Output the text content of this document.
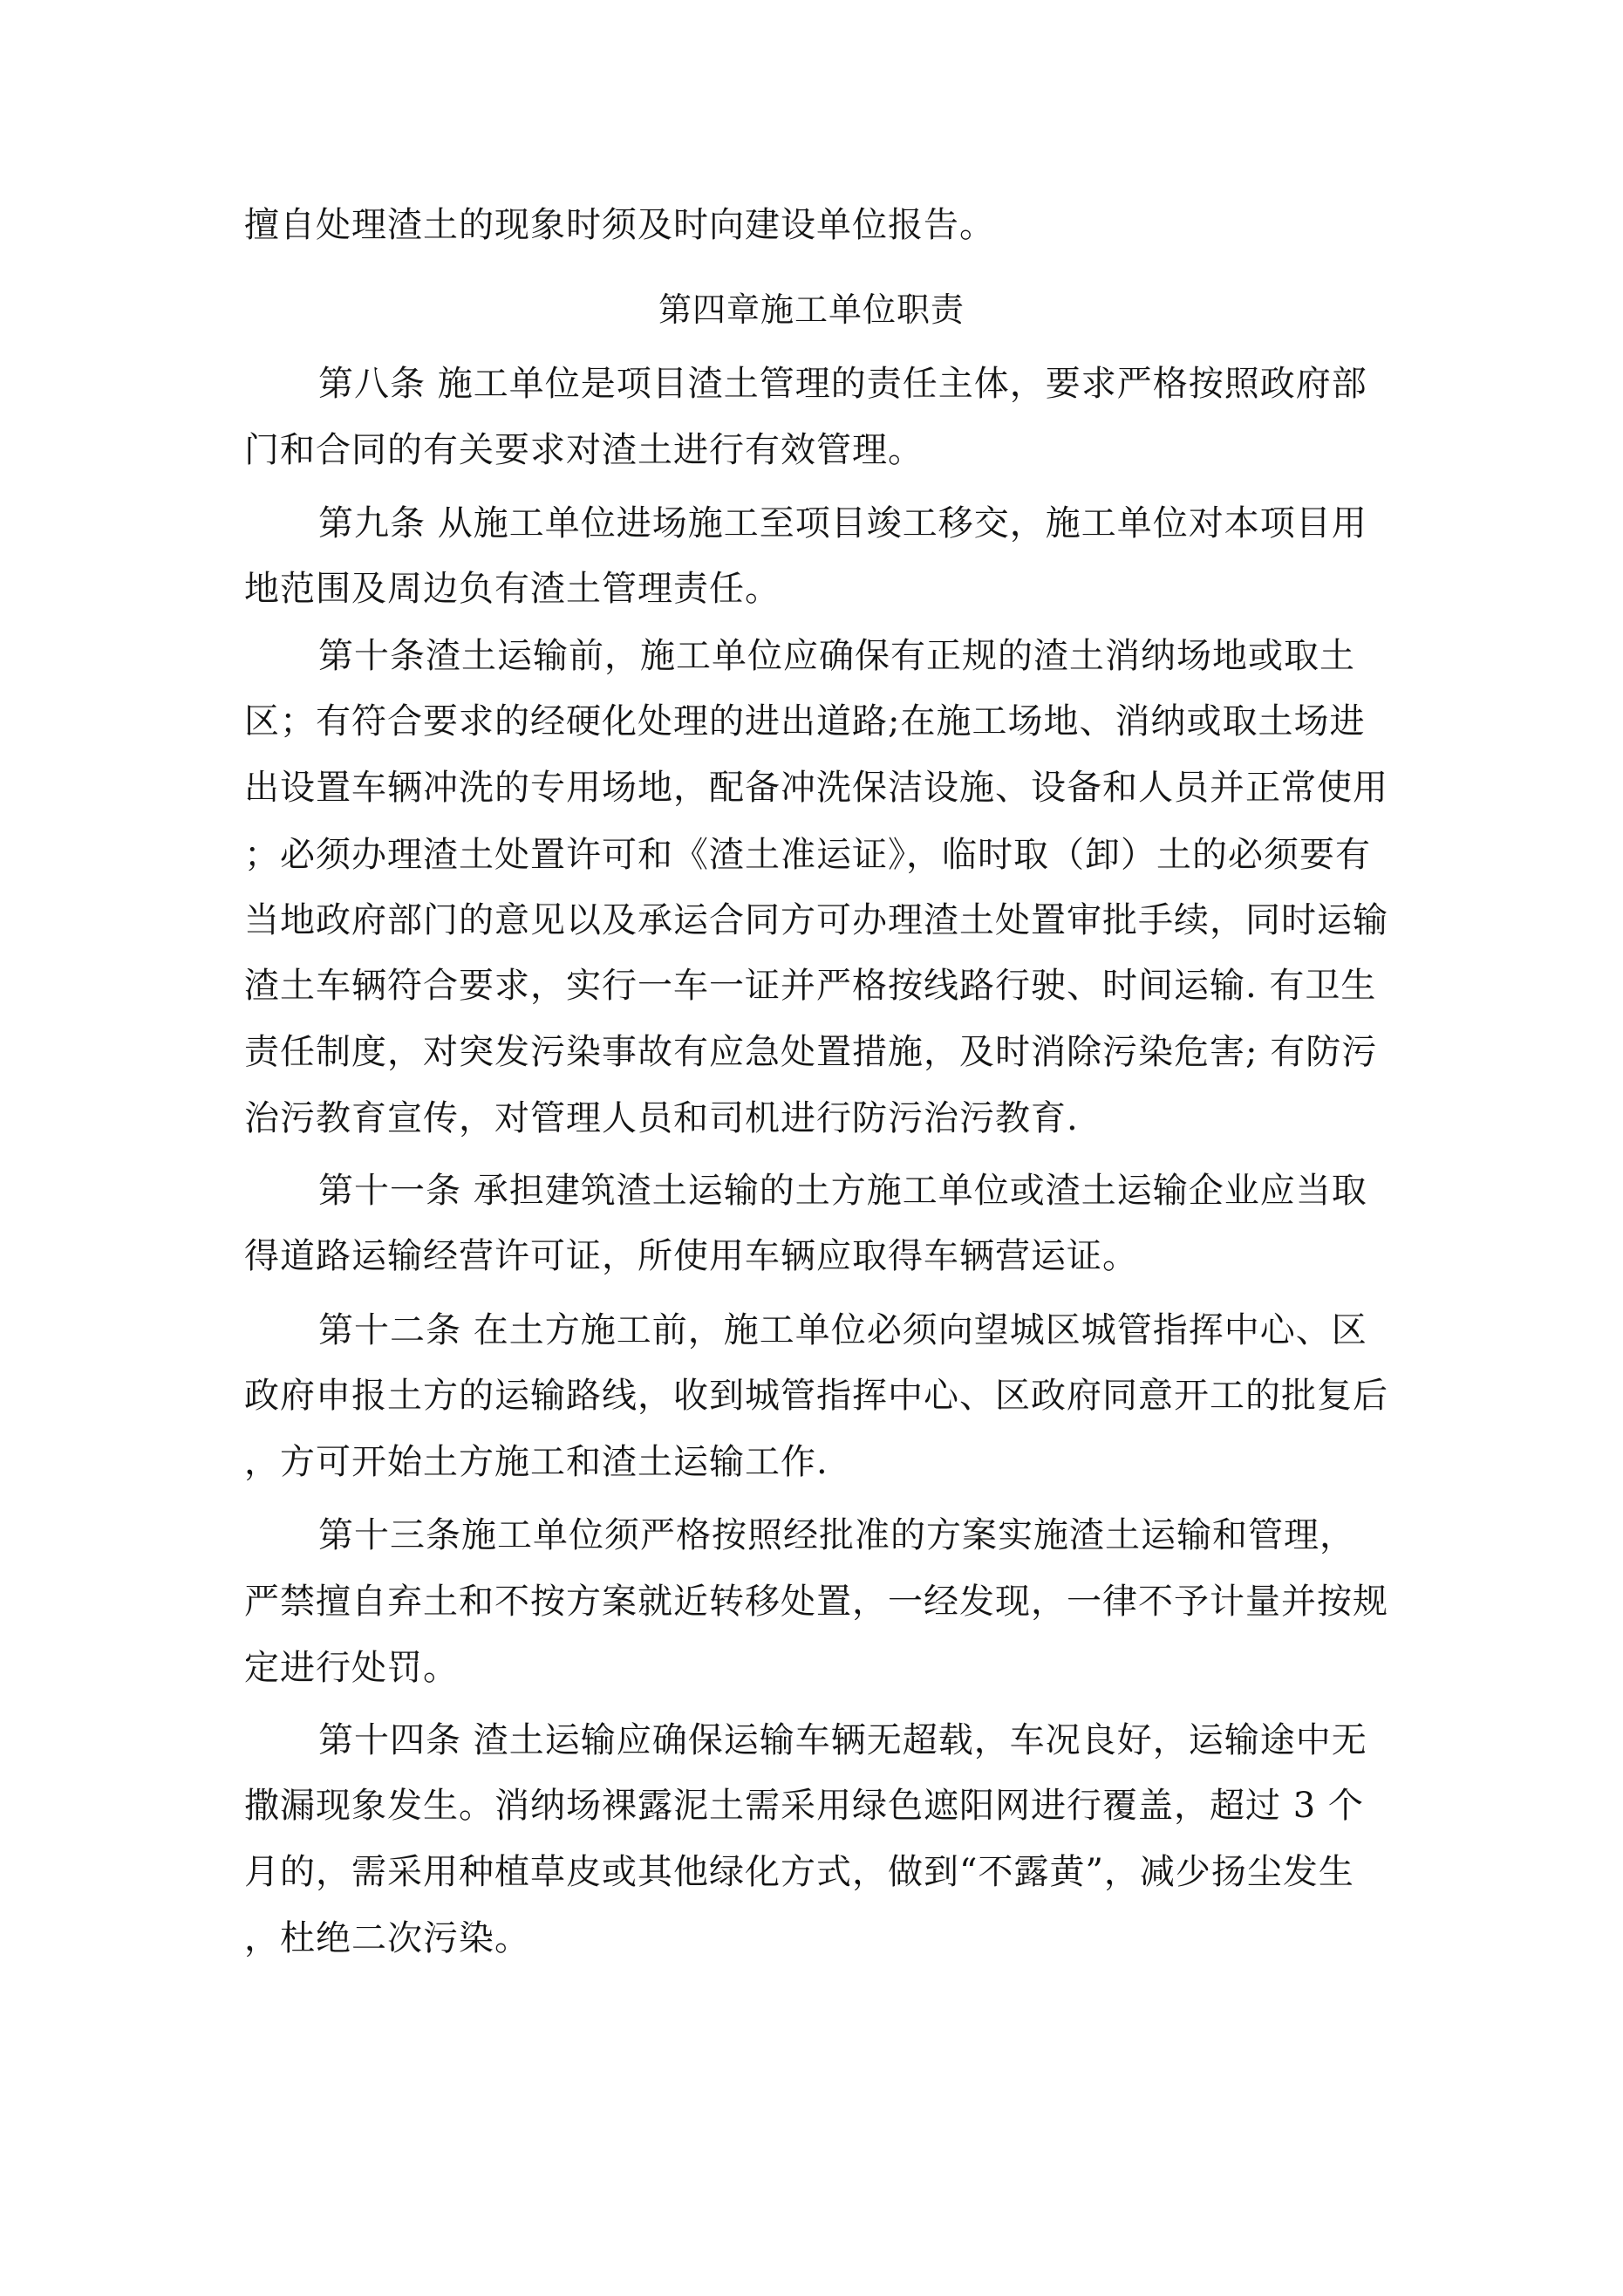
擅自处理渣土的现象时须及时向建设单位报告。
第四章施工单位职责
第八条 施工单位是项目渣土管理的责任主体，要求严格按照政府部
门和合同的有关要求对渣土进行有效管理。
第九条 从施工单位进场施工至项目竣工移交，施工单位对本项目用
地范围及周边负有渣土管理责任。
第十条渣土运输前，施工单位应确保有正规的渣土消纳场地或取土
区；有符合要求的经硬化处理的进出道路;在施工场地、消纳或取土场进
出设置车辆冲洗的专用场地，配备冲洗保洁设施、设备和人员并正常使用
；必须办理渣土处置许可和《渣土准运证》，临时取（卸）土的必须要有
当地政府部门的意见以及承运合同方可办理渣土处置审批手续，同时运输
渣土车辆符合要求，实行一车一证并严格按线路行驶、时间运输. 有卫生
责任制度，对突发污染事故有应急处置措施，及时消除污染危害; 有防污
治污教育宣传，对管理人员和司机进行防污治污教育.
第十一条 承担建筑渣土运输的土方施工单位或渣土运输企业应当取
得道路运输经营许可证，所使用车辆应取得车辆营运证。
第十二条 在土方施工前，施工单位必须向望城区城管指挥中心、区
政府申报土方的运输路线，收到城管指挥中心、区政府同意开工的批复后
，方可开始土方施工和渣土运输工作.
第十三条施工单位须严格按照经批准的方案实施渣土运输和管理，
严禁擅自弃土和不按方案就近转移处置，一经发现，一律不予计量并按规
定进行处罚。
第十四条 渣土运输应确保运输车辆无超载，车况良好，运输途中无
撒漏现象发生。消纳场裸露泥土需采用绿色遮阳网进行覆盖，超过 3 个
月的，需采用种植草皮或其他绿化方式，做到“不露黄”，减少扬尘发生
，杜绝二次污染。
